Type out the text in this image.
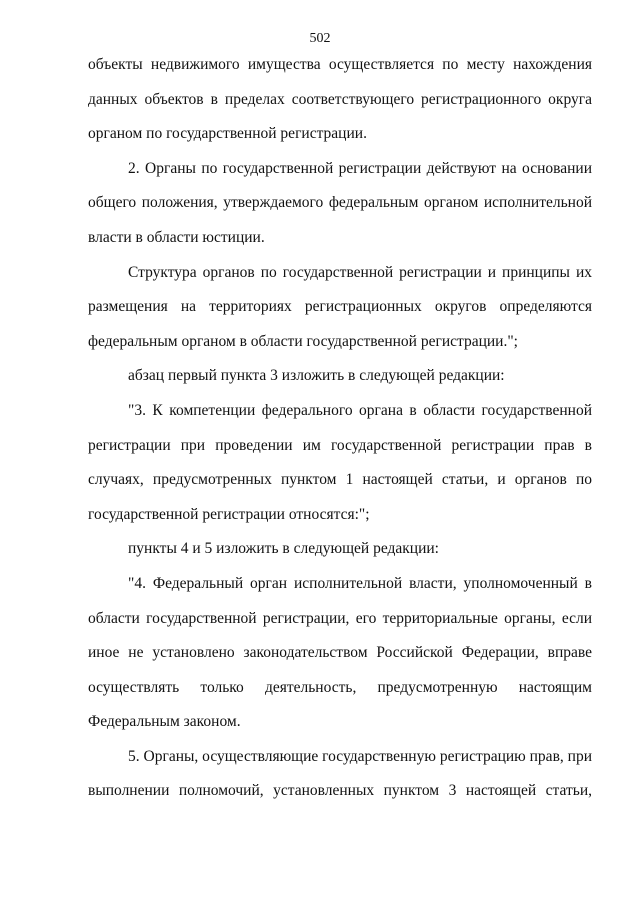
502
объекты недвижимого имущества осуществляется по месту нахождения
данных объектов в пределах соответствующего регистрационного округа
органом по государственной регистрации.
2. Органы по государственной регистрации действуют на основании
общего положения, утверждаемого федеральным органом исполнительной
власти в области юстиции.
Структура органов по государственной регистрации и принципы их
размещения на территориях регистрационных округов определяются
федеральным органом в области государственной регистрации.";
абзац первый пункта 3 изложить в следующей редакции:
"3. К компетенции федерального органа в области государственной
регистрации при проведении им государственной регистрации прав в
случаях, предусмотренных пунктом 1 настоящей статьи, и органов по
государственной регистрации относятся:";
пункты 4 и 5 изложить в следующей редакции:
"4. Федеральный орган исполнительной власти, уполномоченный в
области государственной регистрации, его территориальные органы, если
иное не установлено законодательством Российской Федерации, вправе
осуществлять только деятельность, предусмотренную настоящим
Федеральным законом.
5. Органы, осуществляющие государственную регистрацию прав, при
выполнении полномочий, установленных пунктом 3 настоящей статьи,
